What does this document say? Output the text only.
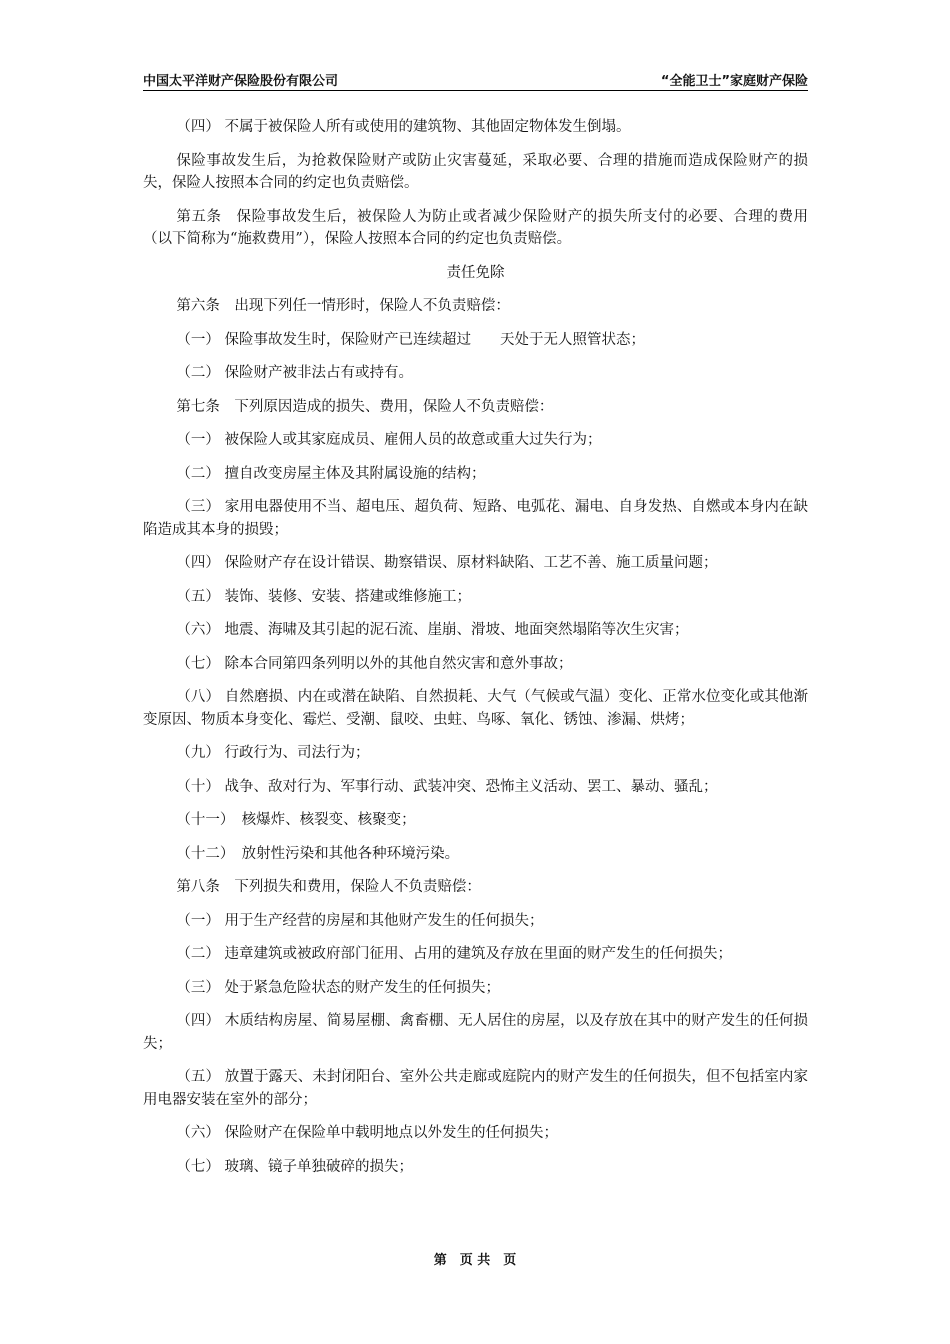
中国太平洋财产保险股份有限公司	“全能卫士”家庭财产保险

（四） 不属于被保险人所有或使用的建筑物、其他固定物体发生倒塌。

保险事故发生后，为抢救保险财产或防止灾害蔓延，采取必要、合理的措施而造成保险财产的损失，保险人按照本合同的约定也负责赔偿。

第五条　保险事故发生后，被保险人为防止或者减少保险财产的损失所支付的必要、合理的费用（以下简称为“施救费用”），保险人按照本合同的约定也负责赔偿。

责任免除

第六条　出现下列任一情形时，保险人不负责赔偿：

（一） 保险事故发生时，保险财产已连续超过　　天处于无人照管状态；

（二） 保险财产被非法占有或持有。

第七条　下列原因造成的损失、费用，保险人不负责赔偿：

（一） 被保险人或其家庭成员、雇佣人员的故意或重大过失行为；

（二） 擅自改变房屋主体及其附属设施的结构；

（三） 家用电器使用不当、超电压、超负荷、短路、电弧花、漏电、自身发热、自燃或本身内在缺陷造成其本身的损毁；

（四） 保险财产存在设计错误、勘察错误、原材料缺陷、工艺不善、施工质量问题；

（五） 装饰、装修、安装、搭建或维修施工；

（六） 地震、海啸及其引起的泥石流、崖崩、滑坡、地面突然塌陷等次生灾害；

（七） 除本合同第四条列明以外的其他自然灾害和意外事故；

（八） 自然磨损、内在或潜在缺陷、自然损耗、大气（气候或气温）变化、正常水位变化或其他渐变原因、物质本身变化、霉烂、受潮、鼠咬、虫蛀、鸟啄、氧化、锈蚀、渗漏、烘烤；

（九） 行政行为、司法行为；

（十） 战争、敌对行为、军事行动、武装冲突、恐怖主义活动、罢工、暴动、骚乱；

（十一）　核爆炸、核裂变、核聚变；

（十二）　放射性污染和其他各种环境污染。

第八条　下列损失和费用，保险人不负责赔偿：

（一） 用于生产经营的房屋和其他财产发生的任何损失；

（二） 违章建筑或被政府部门征用、占用的建筑及存放在里面的财产发生的任何损失；

（三） 处于紧急危险状态的财产发生的任何损失；

（四） 木质结构房屋、简易屋棚、禽畜棚、无人居住的房屋，以及存放在其中的财产发生的任何损失；

（五） 放置于露天、未封闭阳台、室外公共走廊或庭院内的财产发生的任何损失，但不包括室内家用电器安装在室外的部分；

（六） 保险财产在保险单中载明地点以外发生的任何损失；

（七） 玻璃、镜子单独破碎的损失；

第　页 共　页
